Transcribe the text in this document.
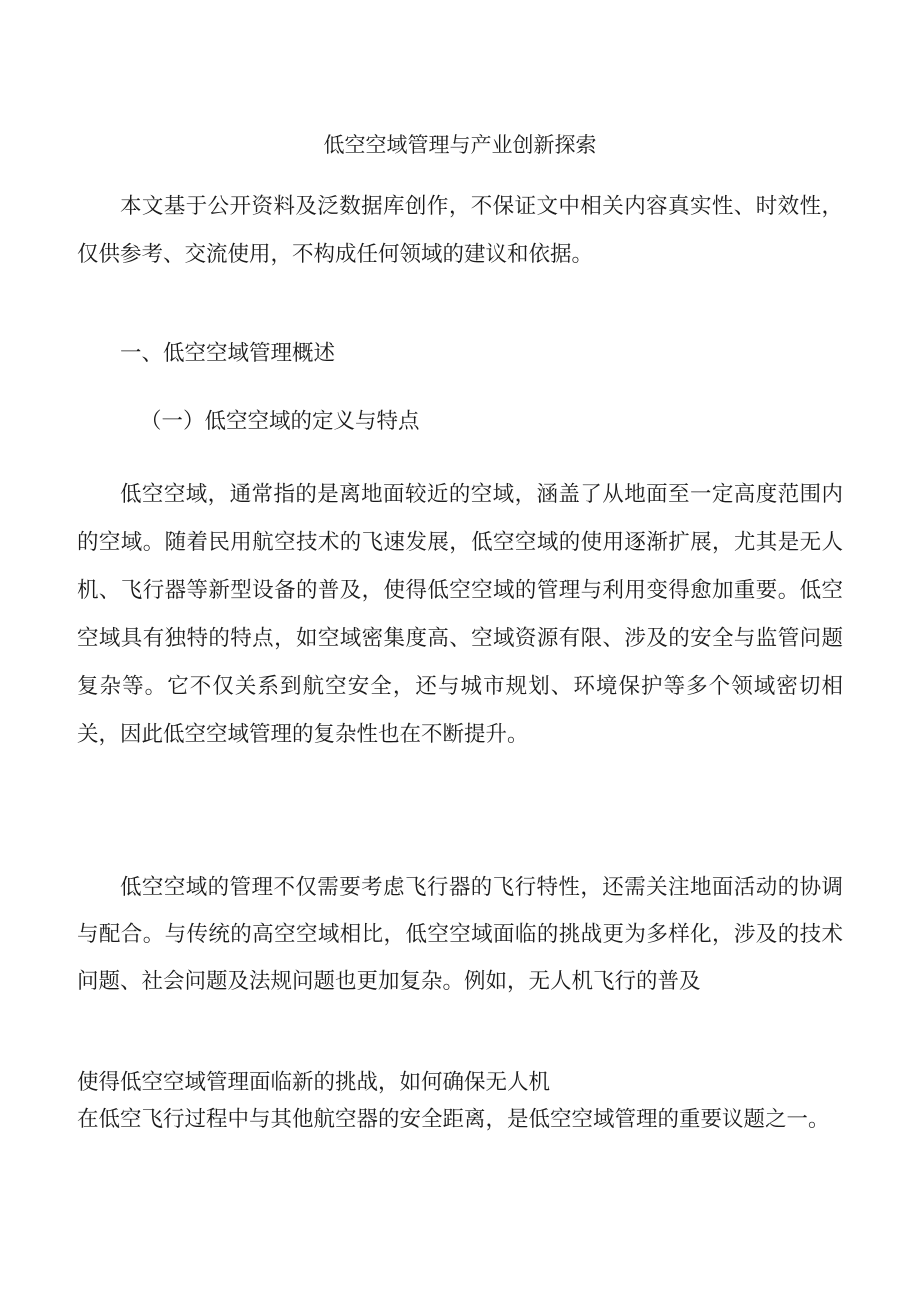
低空空域管理与产业创新探索

本文基于公开资料及泛数据库创作，不保证文中相关内容真实性、时效性，仅供参考、交流使用，不构成任何领域的建议和依据。

一、低空空域管理概述
（一）低空空域的定义与特点

低空空域，通常指的是离地面较近的空域，涵盖了从地面至一定高度范围内的空域。随着民用航空技术的飞速发展，低空空域的使用逐渐扩展，尤其是无人机、飞行器等新型设备的普及，使得低空空域的管理与利用变得愈加重要。低空空域具有独特的特点，如空域密集度高、空域资源有限、涉及的安全与监管问题复杂等。它不仅关系到航空安全，还与城市规划、环境保护等多个领域密切相关，因此低空空域管理的复杂性也在不断提升。

低空空域的管理不仅需要考虑飞行器的飞行特性，还需关注地面活动的协调与配合。与传统的高空空域相比，低空空域面临的挑战更为多样化，涉及的技术问题、社会问题及法规问题也更加复杂。例如，无人机飞行的普及

使得低空空域管理面临新的挑战，如何确保无人机

在低空飞行过程中与其他航空器的安全距离，是低空空域管理的重要议题之一。
